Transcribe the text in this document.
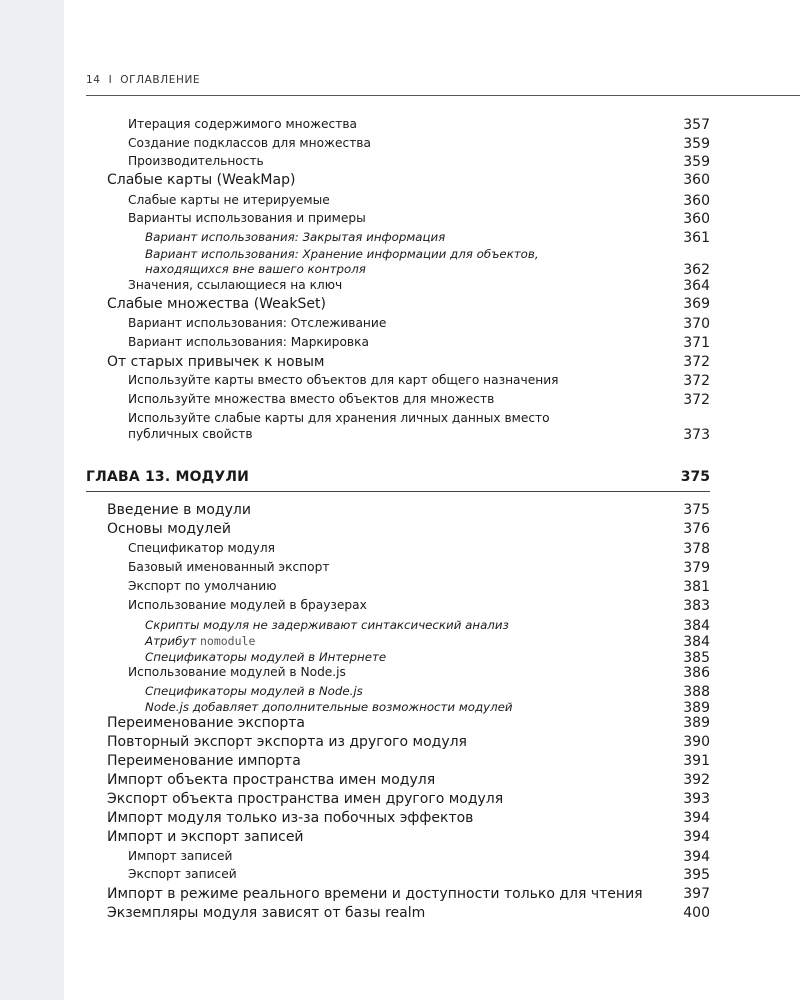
14 I ОГЛАВЛЕНИЕ
Итерация содержимого множества	357
Создание подклассов для множества	359
Производительность	359
Слабые карты (WeakMap)	360
Слабые карты не итерируемые	360
Варианты использования и примеры	360
Вариант использования: Закрытая информация	361
Вариант использования: Хранение информации для объектов,
находящихся вне вашего контроля	362
Значения, ссылающиеся на ключ	364
Слабые множества (WeakSet)	369
Вариант использования: Отслеживание	370
Вариант использования: Маркировка	371
От старых привычек к новым	372
Используйте карты вместо объектов для карт общего назначения	372
Используйте множества вместо объектов для множеств	372
Используйте слабые карты для хранения личных данных вместо
публичных свойств	373
ГЛАВА 13. МОДУЛИ	375
Введение в модули	375
Основы модулей	376
Спецификатор модуля	378
Базовый именованный экспорт	379
Экспорт по умолчанию	381
Использование модулей в браузерах	383
Скрипты модуля не задерживают синтаксический анализ	384
Атрибут nomodule	384
Спецификаторы модулей в Интернете	385
Использование модулей в Node.js	386
Спецификаторы модулей в Node.js	388
Node.js добавляет дополнительные возможности модулей	389
Переименование экспорта	389
Повторный экспорт экспорта из другого модуля	390
Переименование импорта	391
Импорт объекта пространства имен модуля	392
Экспорт объекта пространства имен другого модуля	393
Импорт модуля только из-за побочных эффектов	394
Импорт и экспорт записей	394
Импорт записей	394
Экспорт записей	395
Импорт в режиме реального времени и доступности только для чтения	397
Экземпляры модуля зависят от базы realm	400
